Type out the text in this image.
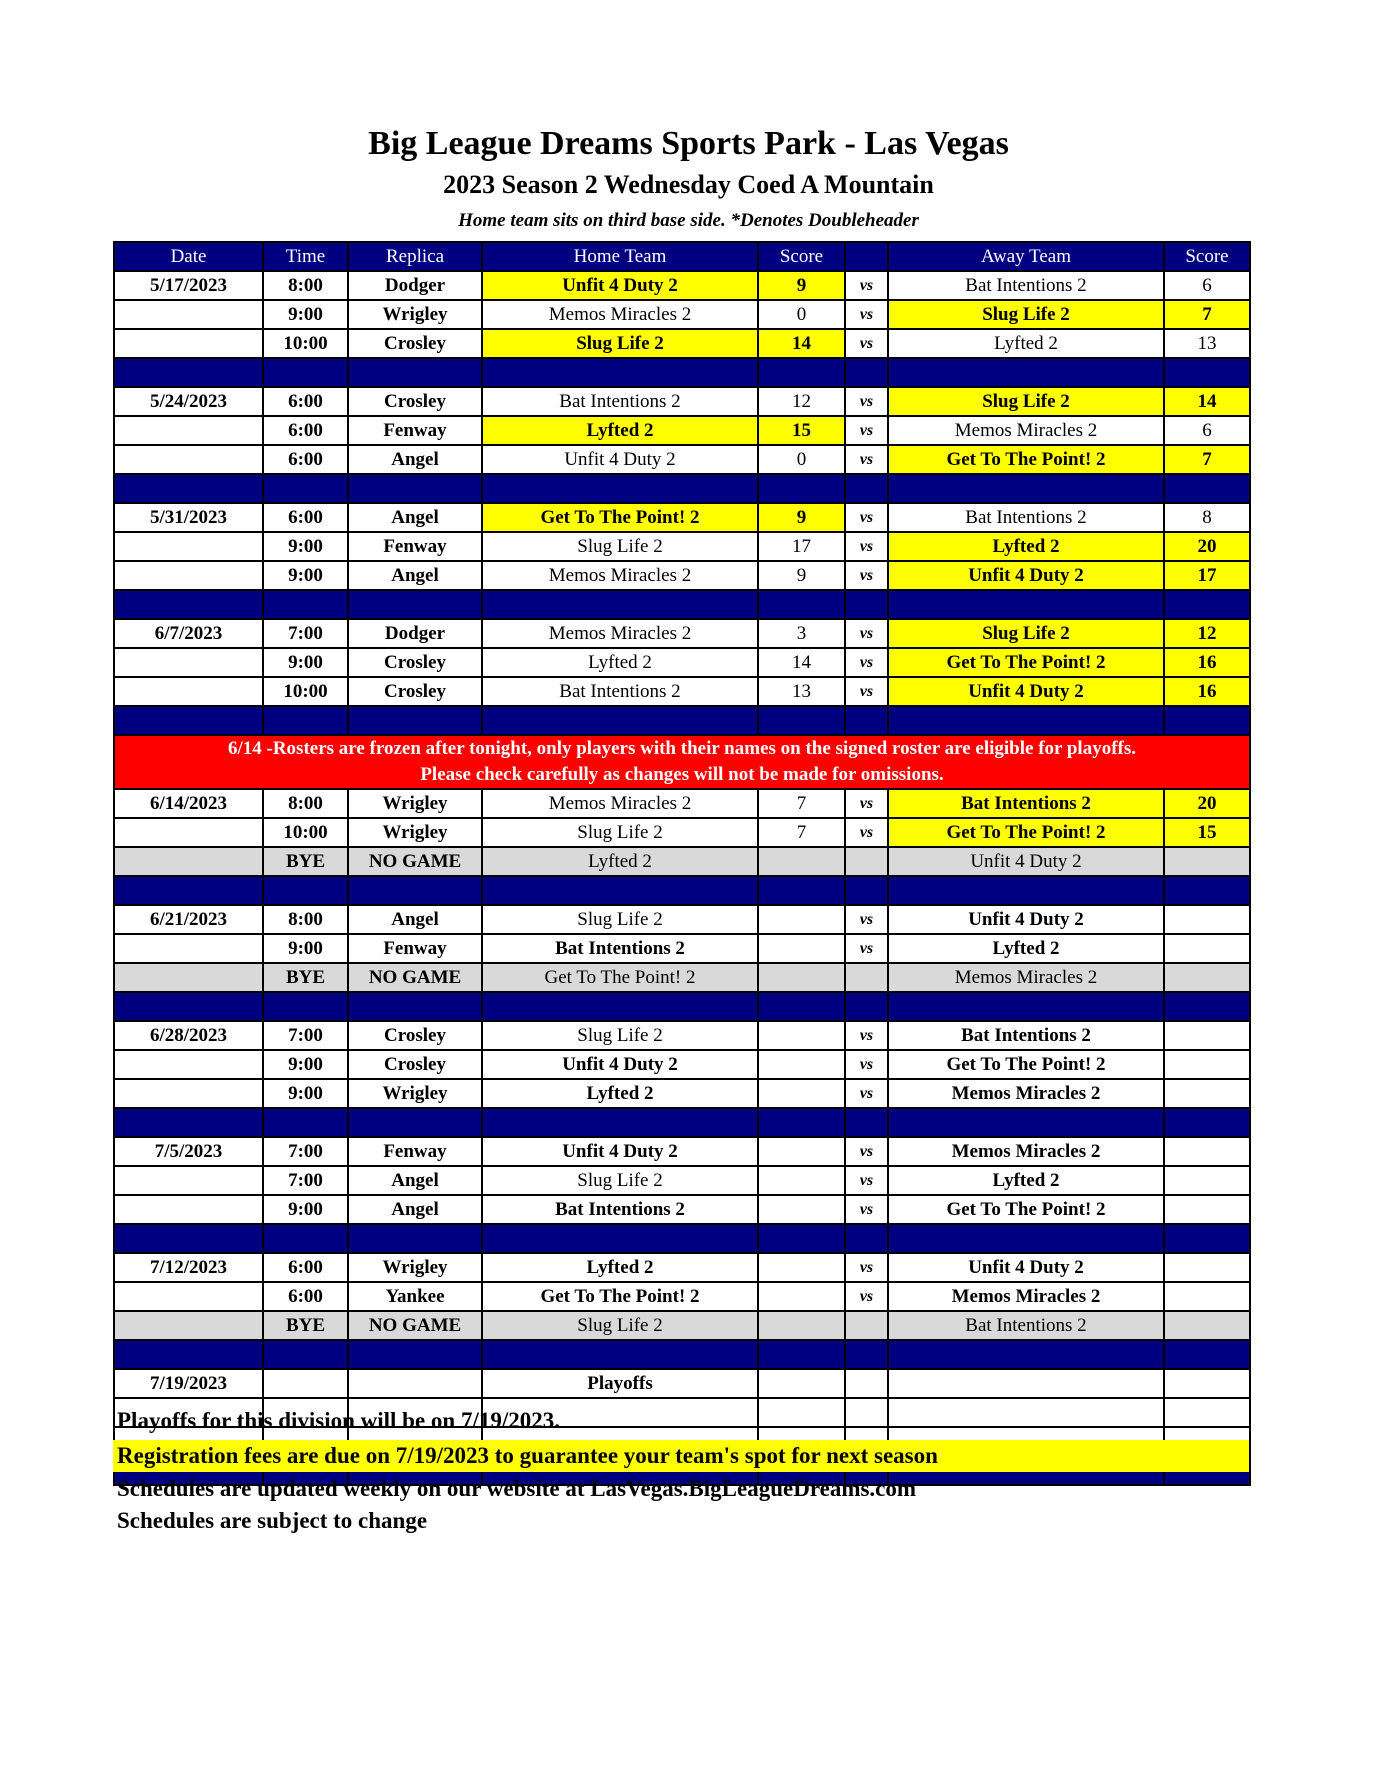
Big League Dreams Sports Park - Las Vegas
2023 Season 2 Wednesday Coed A Mountain
Home team sits on third base side. *Denotes Doubleheader
Date	Time	Replica	Home Team	Score		Away Team	Score
5/17/2023	8:00	Dodger	Unfit 4 Duty 2	9	vs	Bat Intentions 2	6
	9:00	Wrigley	Memos Miracles 2	0	vs	Slug Life 2	7
	10:00	Crosley	Slug Life 2	14	vs	Lyfted 2	13

5/24/2023	6:00	Crosley	Bat Intentions 2	12	vs	Slug Life 2	14
	6:00	Fenway	Lyfted 2	15	vs	Memos Miracles 2	6
	6:00	Angel	Unfit 4 Duty 2	0	vs	Get To The Point! 2	7

5/31/2023	6:00	Angel	Get To The Point! 2	9	vs	Bat Intentions 2	8
	9:00	Fenway	Slug Life 2	17	vs	Lyfted 2	20
	9:00	Angel	Memos Miracles 2	9	vs	Unfit 4 Duty 2	17

6/7/2023	7:00	Dodger	Memos Miracles 2	3	vs	Slug Life 2	12
	9:00	Crosley	Lyfted 2	14	vs	Get To The Point! 2	16
	10:00	Crosley	Bat Intentions 2	13	vs	Unfit 4 Duty 2	16

6/14 -Rosters are frozen after tonight, only players with their names on the signed roster are eligible for playoffs.
Please check carefully as changes will not be made for omissions.							

6/14/2023	8:00	Wrigley	Memos Miracles 2	7	vs	Bat Intentions 2	20
	10:00	Wrigley	Slug Life 2	7	vs	Get To The Point! 2	15
	BYE	NO GAME	Lyfted 2			Unfit 4 Duty 2	

6/21/2023	8:00	Angel	Slug Life 2		vs	Unfit 4 Duty 2	
	9:00	Fenway	Bat Intentions 2		vs	Lyfted 2	
	BYE	NO GAME	Get To The Point! 2			Memos Miracles 2	

6/28/2023	7:00	Crosley	Slug Life 2		vs	Bat Intentions 2	
	9:00	Crosley	Unfit 4 Duty 2		vs	Get To The Point! 2	
	9:00	Wrigley	Lyfted 2		vs	Memos Miracles 2	

7/5/2023	7:00	Fenway	Unfit 4 Duty 2		vs	Memos Miracles 2	
	7:00	Angel	Slug Life 2		vs	Lyfted 2	
	9:00	Angel	Bat Intentions 2		vs	Get To The Point! 2	

7/12/2023	6:00	Wrigley	Lyfted 2		vs	Unfit 4 Duty 2	
	6:00	Yankee	Get To The Point! 2		vs	Memos Miracles 2	
	BYE	NO GAME	Slug Life 2			Bat Intentions 2	

7/19/2023			Playoffs				

Playoffs for this division will be on 7/19/2023.
Registration fees are due on 7/19/2023 to guarantee your team's spot for next season
Schedules are updated weekly on our website at LasVegas.BigLeagueDreams.com
Schedules are subject to change
